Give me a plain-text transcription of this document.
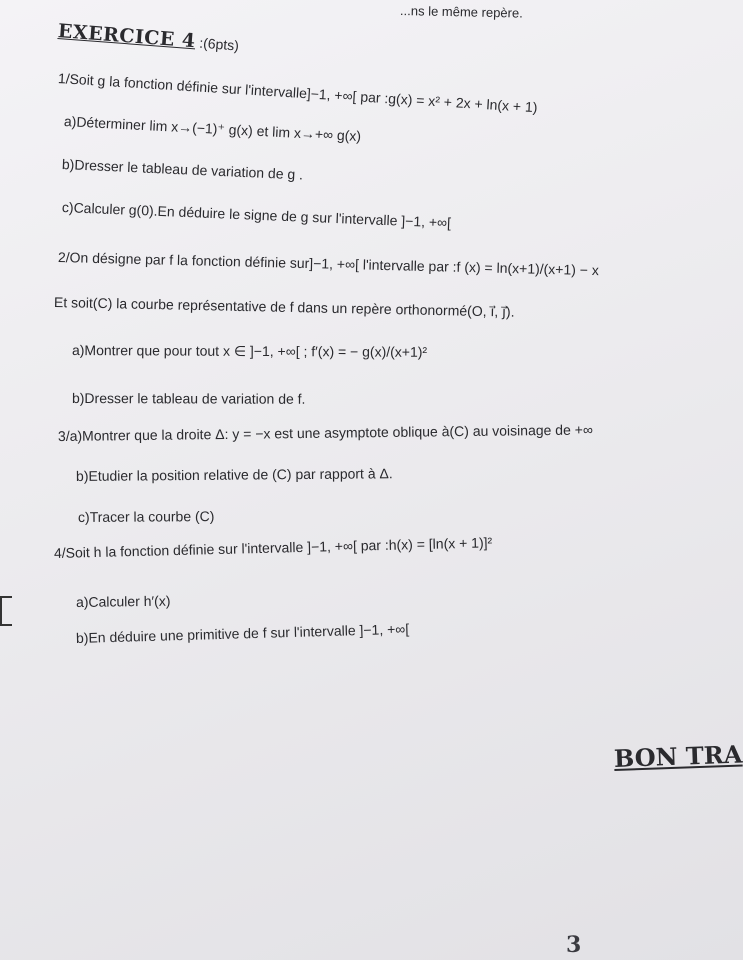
...ns le même repère.
EXERCICE 4 :(6pts)
1/Soit g la fonction définie sur l'intervalle]−1, +∞[ par :g(x) = x² + 2x + ln(x + 1)
a)Déterminer lim x→(−1)⁺ g(x) et lim x→+∞ g(x)
b)Dresser le tableau de variation de g .
c)Calculer g(0).En déduire le signe de g sur l'intervalle ]−1, +∞[
2/On désigne par f la fonction définie sur]−1, +∞[ l'intervalle par :f (x) = ln(x+1)/(x+1) − x
Et soit(C) la courbe représentative de f dans un repère orthonormé(O, i⃗, j⃗).
a)Montrer que pour tout x ∈ ]−1, +∞[ ; f′(x) = − g(x)/(x+1)²
b)Dresser le tableau de variation de f.
3/a)Montrer que la droite Δ: y = −x est une asymptote oblique à(C) au voisinage de +∞
b)Etudier la position relative de (C) par rapport à Δ.
c)Tracer la courbe (C)
4/Soit h la fonction définie sur l'intervalle ]−1, +∞[ par :h(x) = [ln(x + 1)]²
a)Calculer h′(x)
b)En déduire une primitive de f sur l'intervalle ]−1, +∞[
BON TRA
3
